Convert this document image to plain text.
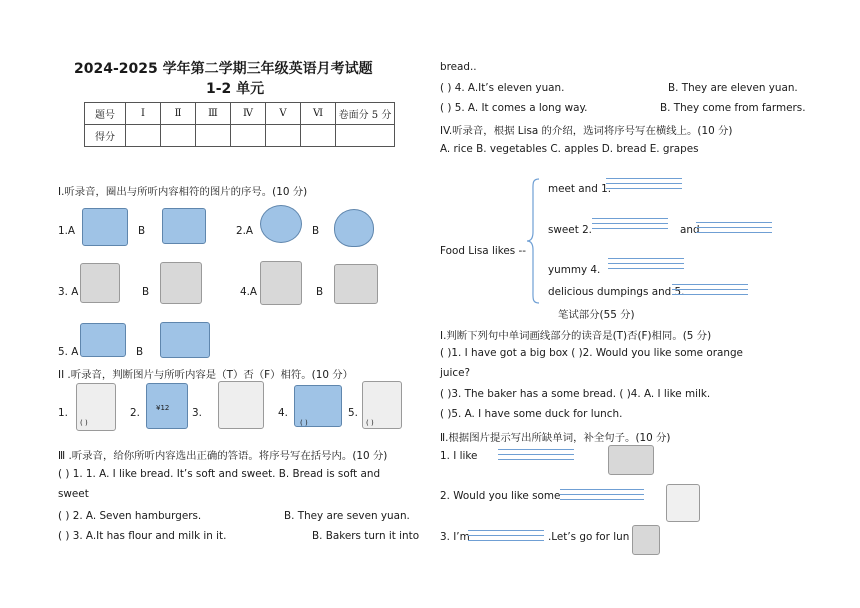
2024-2025 学年第二学期三年级英语月考试题
1-2 单元
题号	I	Ⅱ	Ⅲ	Ⅳ	Ⅴ	Ⅵ	卷面分 5 分
得分							
I.听录音，圈出与所听内容相符的图片的序号。(10 分)
1.A	B	2.A	B
3. A	B	4.A	B
5. A	B
II .听录音，判断图片与所听内容是（T）否（F）相符。(10 分）
1.
( )
2. ¥12 3.	4.
( )
5.
( )
Ⅲ .听录音，给你所听内容选出正确的答语。将序号写在括号内。(10 分)
( ) 1. 1. A. I like bread. It’s soft and sweet. B. Bread is soft and
sweet
( ) 2. A. Seven hamburgers.	B. They are seven yuan.
( ) 3. A.It has flour and milk in it.	B. Bakers turn it into
bread..
( ) 4. A.It’s eleven yuan.	B. They are eleven yuan.
( ) 5. A. It comes a long way.	B. They come from farmers.
IV.听录音，根据 Lisa 的介绍，选词将序号写在横线上。(10 分)
A. rice B. vegetables C. apples D. bread E. grapes
Food Lisa likes --
meet and 1.
sweet 2.	and
yummy 4.
delicious dumpings and 5.
笔试部分(55 分)
I.判断下列句中单词画线部分的读音是(T)否(F)相同。(5 分)
( )1. I have got a big box ( )2. Would you like some orange
juice?
( )3. The baker has a some bread. ( )4. A. I like milk.
( )5. A. I have some duck for lunch.
Ⅱ.根据图片提示写出所缺单词，补全句子。(10 分)
1. I like
2. Would you like some
3. I’m	.Let’s go for lun
